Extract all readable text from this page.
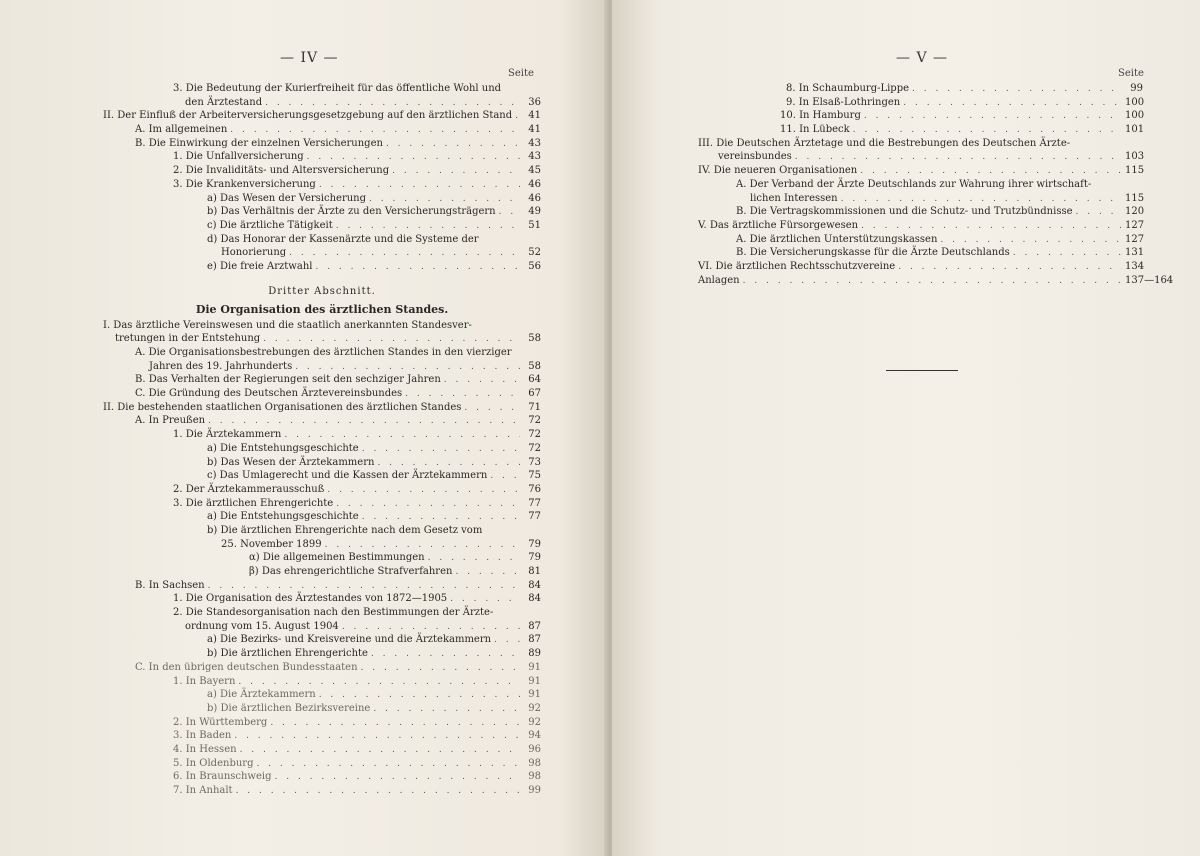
— IV —
Seite
3. Die Bedeutung der Kurierfreiheit für das öffentliche Wohl und
den Ärztestand . . .	36
II. Der Einfluß der Arbeiterversicherungsgesetzgebung auf den ärztlichen Stand . . .	41
A. Im allgemeinen . . .	41
B. Die Einwirkung der einzelnen Versicherungen . . .	43
1. Die Unfallversicherung . . .	43
2. Die Invaliditäts- und Altersversicherung . . .	45
3. Die Krankenversicherung . . .	46
a) Das Wesen der Versicherung . . .	46
b) Das Verhältnis der Ärzte zu den Versicherungsträgern . . .	49
c) Die ärztliche Tätigkeit . . .	51
d) Das Honorar der Kassenärzte und die Systeme der
Honorierung . . .	52
e) Die freie Arztwahl . . .	56
Dritter Abschnitt.
Die Organisation des ärztlichen Standes.
I. Das ärztliche Vereinswesen und die staatlich anerkannten Standesver-
tretungen in der Entstehung . . .	58
A. Die Organisationsbestrebungen des ärztlichen Standes in den vierziger
Jahren des 19. Jahrhunderts . . .	58
B. Das Verhalten der Regierungen seit den sechziger Jahren . . .	64
C. Die Gründung des Deutschen Ärztevereinsbundes . . .	67
II. Die bestehenden staatlichen Organisationen des ärztlichen Standes . . .	71
A. In Preußen . . .	72
1. Die Ärztekammern . . .	72
a) Die Entstehungsgeschichte . . .	72
b) Das Wesen der Ärztekammern . . .	73
c) Das Umlagerecht und die Kassen der Ärztekammern . . .	75
2. Der Ärztekammerausschuß . . .	76
3. Die ärztlichen Ehrengerichte . . .	77
a) Die Entstehungsgeschichte . . .	77
b) Die ärztlichen Ehrengerichte nach dem Gesetz vom
25. November 1899 . . .	79
α) Die allgemeinen Bestimmungen . . .	79
β) Das ehrengerichtliche Strafverfahren . . .	81
B. In Sachsen . . .	84
1. Die Organisation des Ärztestandes von 1872—1905 . . .	84
2. Die Standesorganisation nach den Bestimmungen der Ärzte-
ordnung vom 15. August 1904 . . .	87
a) Die Bezirks- und Kreisvereine und die Ärztekammern . . .	87
b) Die ärztlichen Ehrengerichte . . .	89
C. In den übrigen deutschen Bundesstaaten . . .	91
1. In Bayern . . .	91
a) Die Ärztekammern . . .	91
b) Die ärztlichen Bezirksvereine . . .	92
2. In Württemberg . . .	92
3. In Baden . . .	94
4. In Hessen . . .	96
5. In Oldenburg . . .	98
6. In Braunschweig . . .	98
7. In Anhalt . . .	99
— V —
Seite
8. In Schaumburg-Lippe . . .	99
9. In Elsaß-Lothringen . . .	100
10. In Hamburg . . .	100
11. In Lübeck . . .	101
III. Die Deutschen Ärztetage und die Bestrebungen des Deutschen Ärzte-
vereinsbundes . . .	103
IV. Die neueren Organisationen . . .	115
A. Der Verband der Ärzte Deutschlands zur Wahrung ihrer wirtschaft-
lichen Interessen . . .	115
B. Die Vertragskommissionen und die Schutz- und Trutzbündnisse . . .	120
V. Das ärztliche Fürsorgewesen . . .	127
A. Die ärztlichen Unterstützungskassen . . .	127
B. Die Versicherungskasse für die Ärzte Deutschlands . . .	131
VI. Die ärztlichen Rechtsschutzvereine . . .	134
Anlagen . . .	137—164
